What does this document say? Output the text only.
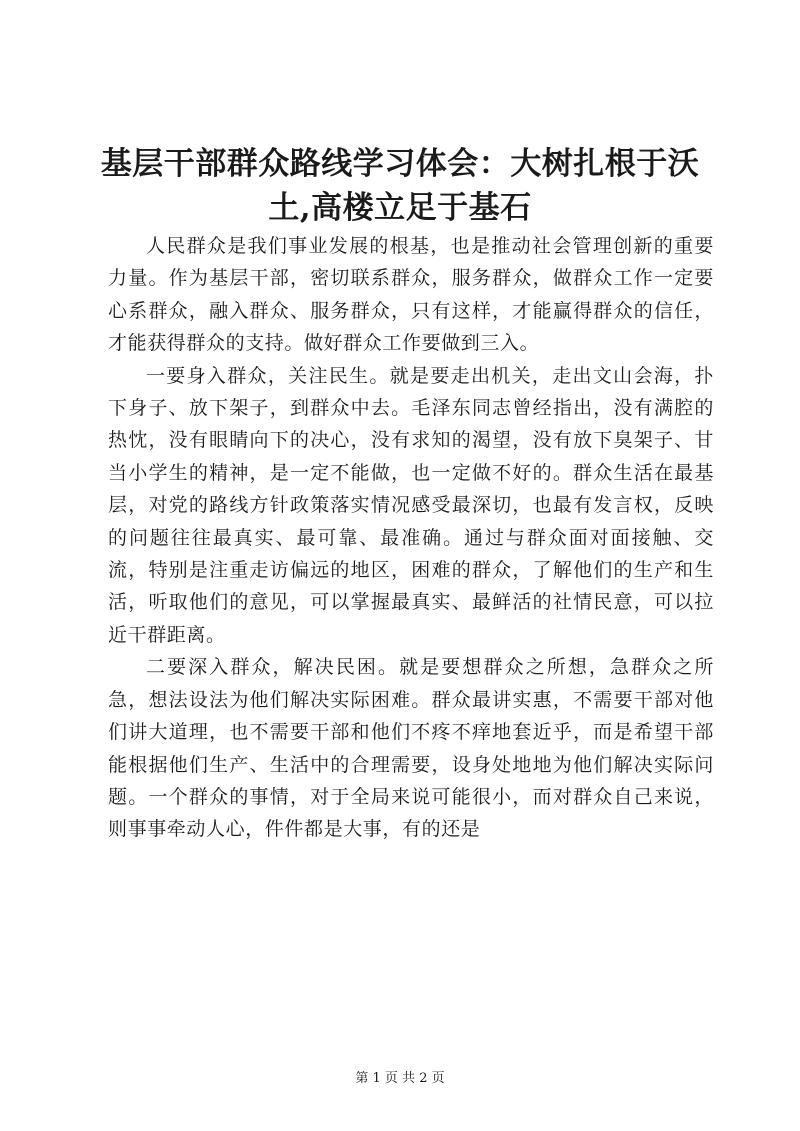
基层干部群众路线学习体会：大树扎根于沃土,高楼立足于基石

人民群众是我们事业发展的根基，也是推动社会管理创新的重要力量。作为基层干部，密切联系群众，服务群众，做群众工作一定要心系群众，融入群众、服务群众，只有这样，才能赢得群众的信任，才能获得群众的支持。做好群众工作要做到三入。

一要身入群众，关注民生。就是要走出机关，走出文山会海，扑下身子、放下架子，到群众中去。毛泽东同志曾经指出，没有满腔的热忱，没有眼睛向下的决心，没有求知的渴望，没有放下臭架子、甘当小学生的精神，是一定不能做，也一定做不好的。群众生活在最基层，对党的路线方针政策落实情况感受最深切，也最有发言权，反映的问题往往最真实、最可靠、最准确。通过与群众面对面接触、交流，特别是注重走访偏远的地区，困难的群众，了解他们的生产和生活，听取他们的意见，可以掌握最真实、最鲜活的社情民意，可以拉近干群距离。

二要深入群众，解决民困。就是要想群众之所想，急群众之所急，想法设法为他们解决实际困难。群众最讲实惠，不需要干部对他们讲大道理，也不需要干部和他们不疼不痒地套近乎，而是希望干部能根据他们生产、生活中的合理需要，设身处地地为他们解决实际问题。一个群众的事情，对于全局来说可能很小，而对群众自己来说，则事事牵动人心，件件都是大事，有的还是

第 1 页 共 2 页
